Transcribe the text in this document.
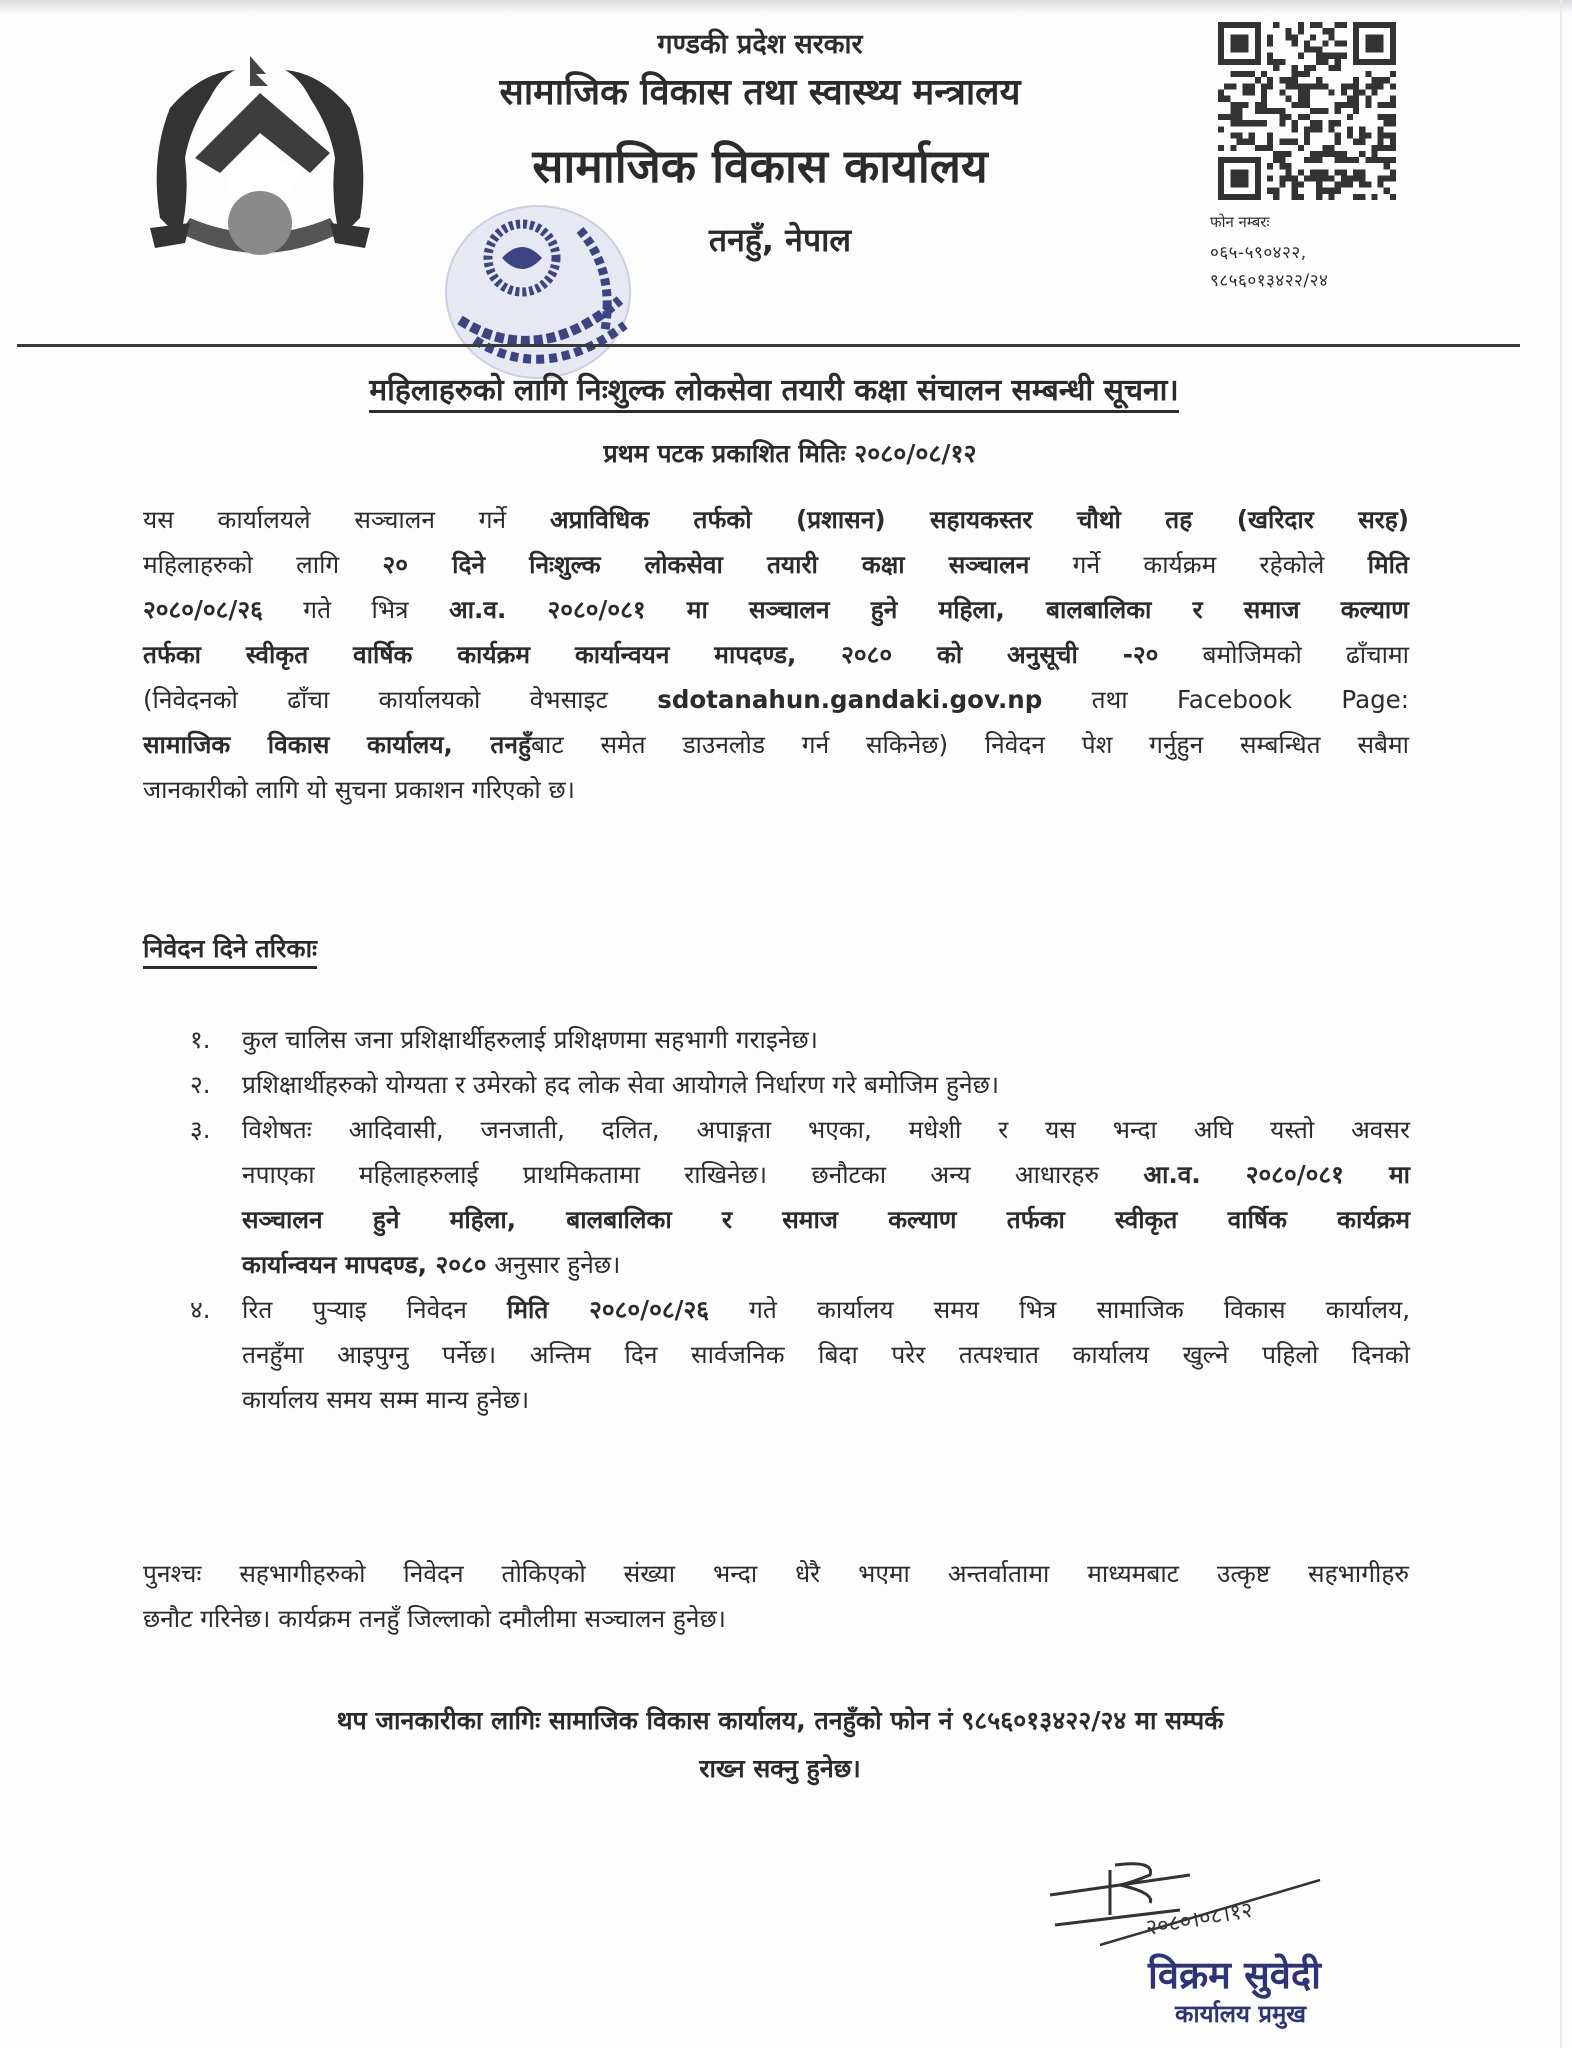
गण्डकी प्रदेश सरकार
सामाजिक विकास तथा स्वास्थ्य मन्त्रालय
सामाजिक विकास कार्यालय
तनहुँ, नेपाल	फोन नम्बरः
०६५-५९०४२२,
९८५६०१३४२२/२४
महिलाहरुको लागि निःशुल्क लोकसेवा तयारी कक्षा संचालन सम्बन्धी सूचना।
प्रथम पटक प्रकाशित मितिः २०८०/०८/१२
यस कार्यालयले सञ्चालन गर्ने अप्राविधिक तर्फको (प्रशासन) सहायकस्तर चौथो तह (खरिदार सरह)
महिलाहरुको लागि २० दिने निःशुल्क लोकसेवा तयारी कक्षा सञ्चालन गर्ने कार्यक्रम रहेकोले मिति
२०८०/०८/२६ गते भित्र आ.व. २०८०/०८१ मा सञ्चालन हुने महिला, बालबालिका र समाज कल्याण
तर्फका स्वीकृत वार्षिक कार्यक्रम कार्यान्वयन मापदण्ड, २०८० को अनुसूची -२० बमोजिमको ढाँचामा
(निवेदनको ढाँचा कार्यालयको वेभसाइट sdotanahun.gandaki.gov.np तथा Facebook Page:
सामाजिक विकास कार्यालय, तनहुँबाट समेत डाउनलोड गर्न सकिनेछ) निवेदन पेश गर्नुहुन सम्बन्धित सबैमा
जानकारीको लागि यो सुचना प्रकाशन गरिएको छ।
निवेदन दिने तरिकाः
१.	कुल चालिस जना प्रशिक्षार्थीहरुलाई प्रशिक्षणमा सहभागी गराइनेछ।
२.	प्रशिक्षार्थीहरुको योग्यता र उमेरको हद लोक सेवा आयोगले निर्धारण गरे बमोजिम हुनेछ।
३.	विशेषतः आदिवासी, जनजाती, दलित, अपाङ्गता भएका, मधेशी र यस भन्दा अघि यस्तो अवसर
नपाएका महिलाहरुलाई प्राथमिकतामा राखिनेछ। छनौटका अन्य आधारहरु आ.व. २०८०/०८१ मा
सञ्चालन हुने महिला, बालबालिका र समाज कल्याण तर्फका स्वीकृत वार्षिक कार्यक्रम
कार्यान्वयन मापदण्ड, २०८० अनुसार हुनेछ।
४.	रित पुर्‍याइ निवेदन मिति २०८०/०८/२६ गते कार्यालय समय भित्र सामाजिक विकास कार्यालय,
तनहुँमा आइपुग्नु पर्नेछ। अन्तिम दिन सार्वजनिक बिदा परेर तत्पश्चात कार्यालय खुल्ने पहिलो दिनको
कार्यालय समय सम्म मान्य हुनेछ।
पुनश्चः सहभागीहरुको निवेदन तोकिएको संख्या भन्दा धेरै भएमा अन्तर्वातामा माध्यमबाट उत्कृष्ट सहभागीहरु
छनौट गरिनेछ। कार्यक्रम तनहुँ जिल्लाको दमौलीमा सञ्चालन हुनेछ।
थप जानकारीका लागिः सामाजिक विकास कार्यालय, तनहुँको फोन नं ९८५६०१३४२२/२४ मा सम्पर्क
राख्न सक्नु हुनेछ।
२०८०।०८।१२
विक्रम सुवेदी
कार्यालय प्रमुख
